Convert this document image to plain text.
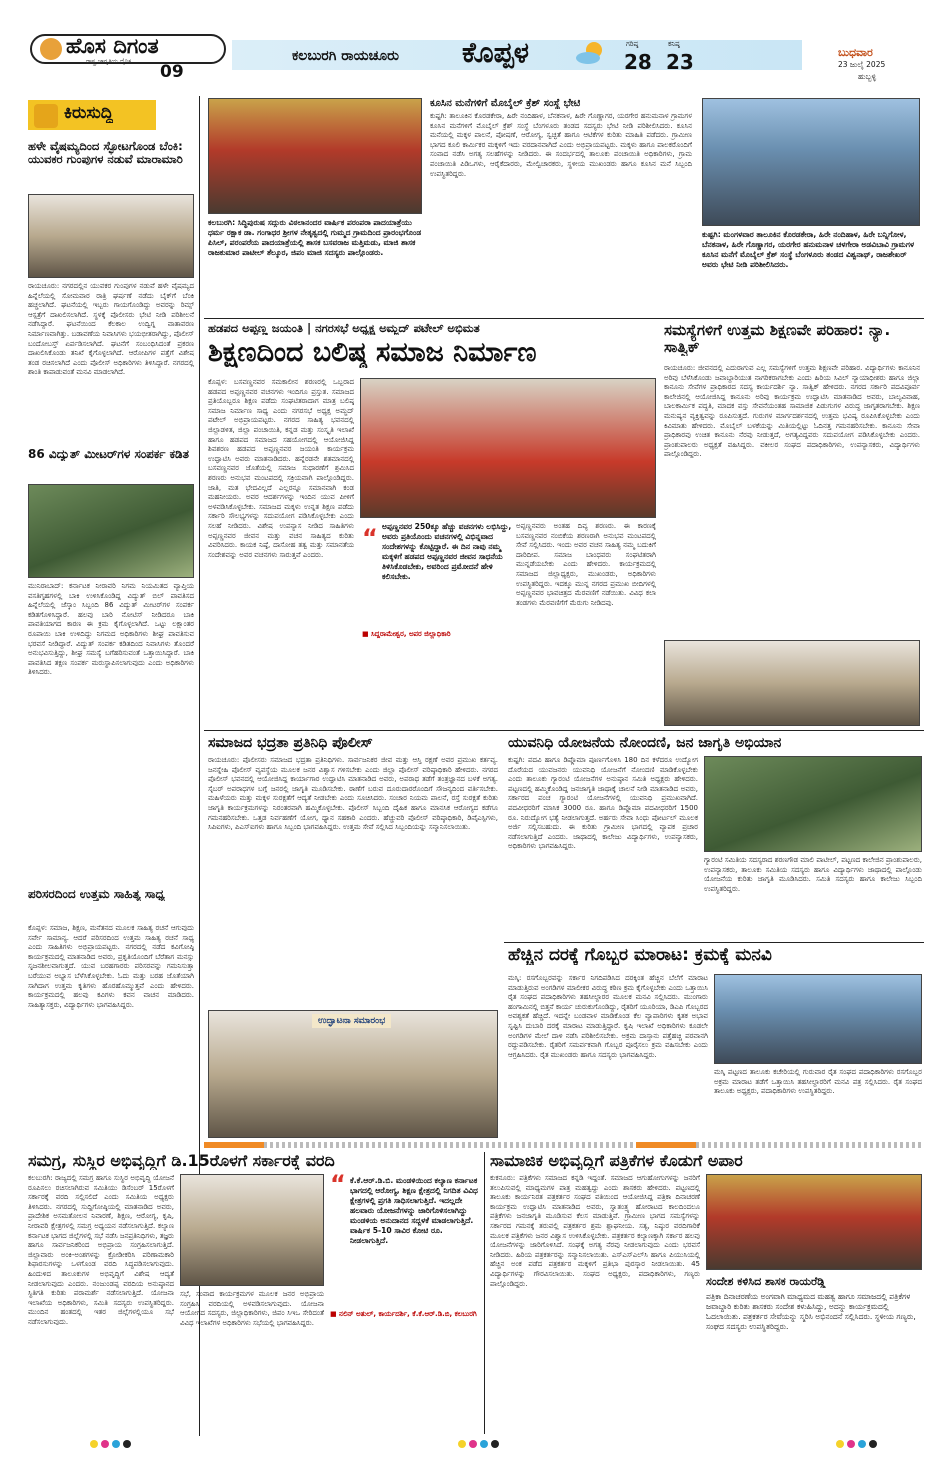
ಹೊಸ ದಿಗಂತ
ರಾಷ್ಟ್ರ ಜಾಗೃತಿಯ ದೈನಿಕ
09
ಕಲಬುರಗಿ ರಾಯಚೂರು ಕೊಪ್ಪಳ	ಗರಿಷ್ಠ
28
ಕನಿಷ್ಠ
23	ಬುಧವಾರ
23 ಜುಲೈ 2025
ಹುಬ್ಬಳ್ಳಿ
ಕಿರುಸುದ್ದಿ
ಹಳೇ ವೈಷಮ್ಯದಿಂದ ಸ್ಫೋಟಗೊಂಡ ಬೆಂಕಿ: ಯುವಕರ ಗುಂಪುಗಳ ನಡುವೆ ಮಾರಾಮಾರಿ
ರಾಯಚೂರು: ನಗರದಲ್ಲಿನ ಯುವಕರ ಗುಂಪುಗಳ ನಡುವೆ ಹಳೇ ವೈಷಮ್ಯದ ಹಿನ್ನೆಲೆಯಲ್ಲಿ ಸೋಮವಾರ ರಾತ್ರಿ ಘರ್ಷಣೆ ನಡೆದು ಬೈಕ್‌ಗೆ ಬೆಂಕಿ ಹಚ್ಚಲಾಗಿದೆ. ಘಟನೆಯಲ್ಲಿ ಇಬ್ಬರು ಗಾಯಗೊಂಡಿದ್ದು ಅವರನ್ನು ರಿಮ್ಸ್ ಆಸ್ಪತ್ರೆಗೆ ದಾಖಲಿಸಲಾಗಿದೆ. ಸ್ಥಳಕ್ಕೆ ಪೊಲೀಸರು ಭೇಟಿ ನೀಡಿ ಪರಿಶೀಲನೆ ನಡೆಸಿದ್ದಾರೆ. ಘಟನೆಯಿಂದ ಕೆಲಕಾಲ ಉದ್ವಿಗ್ನ ವಾತಾವರಣ ನಿರ್ಮಾಣವಾಗಿತ್ತು. ಬಡಾವಣೆಯ ನಿವಾಸಿಗಳು ಭಯಭೀತರಾಗಿದ್ದು, ಪೊಲೀಸ್ ಬಂದೋಬಸ್ತ್ ಏರ್ಪಡಿಸಲಾಗಿದೆ. ಘಟನೆಗೆ ಸಂಬಂಧಿಸಿದಂತೆ ಪ್ರಕರಣ ದಾಖಲಿಸಿಕೊಂಡು ತನಿಖೆ ಕೈಗೊಳ್ಳಲಾಗಿದೆ. ಆರೋಪಿಗಳ ಪತ್ತೆಗೆ ವಿಶೇಷ ತಂಡ ರಚಿಸಲಾಗಿದೆ ಎಂದು ಪೊಲೀಸ್ ಅಧಿಕಾರಿಗಳು ತಿಳಿಸಿದ್ದಾರೆ. ನಗರದಲ್ಲಿ ಶಾಂತಿ ಕಾಪಾಡುವಂತೆ ಮನವಿ ಮಾಡಲಾಗಿದೆ.
86 ವಿದ್ಯುತ್ ಮೀಟರ್‌ಗಳ ಸಂಪರ್ಕ ಕಡಿತ
ಮುನಿರಾಬಾದ್: ಕರ್ನಾಟಕ ನೀರಾವರಿ ನಿಗಮ ನಿಯಮಿತದ ವ್ಯಾಪ್ತಿಯ ವಸತಿಗೃಹಗಳಲ್ಲಿ ಬಾಕಿ ಉಳಿಸಿಕೊಂಡಿದ್ದ ವಿದ್ಯುತ್ ಬಿಲ್ ಪಾವತಿಸದ ಹಿನ್ನೆಲೆಯಲ್ಲಿ ಜೆಸ್ಕಾಂ ಸಿಬ್ಬಂದಿ 86 ವಿದ್ಯುತ್ ಮೀಟರ್‌ಗಳ ಸಂಪರ್ಕ ಕಡಿತಗೊಳಿಸಿದ್ದಾರೆ. ಹಲವು ಬಾರಿ ನೋಟಿಸ್ ನೀಡಿದರೂ ಬಾಕಿ ಪಾವತಿಯಾಗದ ಕಾರಣ ಈ ಕ್ರಮ ಕೈಗೊಳ್ಳಲಾಗಿದೆ. ಒಟ್ಟು ಲಕ್ಷಾಂತರ ರೂಪಾಯಿ ಬಾಕಿ ಉಳಿದಿದ್ದು ನಿಗಮದ ಅಧಿಕಾರಿಗಳು ಶೀಘ್ರ ಪಾವತಿಸುವ ಭರವಸೆ ನೀಡಿದ್ದಾರೆ. ವಿದ್ಯುತ್ ಸಂಪರ್ಕ ಕಡಿತದಿಂದ ನಿವಾಸಿಗಳು ತೊಂದರೆ ಅನುಭವಿಸುತ್ತಿದ್ದು, ಶೀಘ್ರ ಸಮಸ್ಯೆ ಬಗೆಹರಿಸುವಂತೆ ಒತ್ತಾಯಿಸಿದ್ದಾರೆ. ಬಾಕಿ ಪಾವತಿಸಿದ ತಕ್ಷಣ ಸಂಪರ್ಕ ಮರುಸ್ಥಾಪಿಸಲಾಗುವುದು ಎಂದು ಅಧಿಕಾರಿಗಳು ತಿಳಿಸಿದರು.
ಪರಿಸರದಿಂದ ಉತ್ತಮ ಸಾಹಿತ್ಯ ಸಾಧ್ಯ
ಕೊಪ್ಪಳ: ಸಮಾಜ, ಶಿಕ್ಷಣ, ಮನೆತನದ ಮೂಲಕ ಸಾಹಿತ್ಯ ರಚನೆ ಆಗುವುದು ಸರ್ವೇ ಸಾಮಾನ್ಯ. ಆದರೆ ಪರಿಸರದಿಂದ ಉತ್ತಮ ಸಾಹಿತ್ಯ ರಚನೆ ಸಾಧ್ಯ ಎಂದು ಸಾಹಿತಿಗಳು ಅಭಿಪ್ರಾಯಪಟ್ಟರು. ನಗರದಲ್ಲಿ ನಡೆದ ಕವಿಗೋಷ್ಠಿ ಕಾರ್ಯಕ್ರಮದಲ್ಲಿ ಮಾತನಾಡಿದ ಅವರು, ಪ್ರಕೃತಿಯೊಂದಿಗೆ ಬೆರೆತಾಗ ಮನಸ್ಸು ಸೃಜನಶೀಲವಾಗುತ್ತದೆ. ಯುವ ಬರಹಗಾರರು ಪರಿಸರವನ್ನು ಗಮನಿಸುತ್ತಾ ಬರೆಯುವ ಅಭ್ಯಾಸ ಬೆಳೆಸಿಕೊಳ್ಳಬೇಕು. ಓದು ಮತ್ತು ಬರಹ ಜೊತೆಯಾಗಿ ಸಾಗಿದಾಗ ಉತ್ತಮ ಕೃತಿಗಳು ಹೊರಹೊಮ್ಮುತ್ತವೆ ಎಂದು ಹೇಳಿದರು. ಕಾರ್ಯಕ್ರಮದಲ್ಲಿ ಹಲವು ಕವಿಗಳು ಕವನ ವಾಚನ ಮಾಡಿದರು. ಸಾಹಿತ್ಯಾಸಕ್ತರು, ವಿದ್ಯಾರ್ಥಿಗಳು ಭಾಗವಹಿಸಿದ್ದರು.
ಕಲಬುರಗಿ: ಸಿದ್ಧಿಪುರುಷ ಸದ್ಗುರು ವಿಠಲಾನಂದರ ವಾರ್ಷಿಕ ಪರಂಪರಾ ಪಾದಯಾತ್ರೆಯು ಧರ್ಮ ರಕ್ಷಾಕ ಡಾ. ಗಂಗಾಧರ ಶ್ರೀಗಳ ನೇತೃತ್ವದಲ್ಲಿ ಗುಮ್ಮದ ಗ್ರಾಮದಿಂದ ಪ್ರಾರಂಭಗೊಂಡ ಪಿಸಿಲ್, ಪರಂಪರೆಯ ಪಾದಯಾತ್ರೆಯಲ್ಲಿ ಶಾಸಕ ಬಸವರಾಜ ಮತ್ತಿಮಡು, ಮಾಜಿ ಶಾಸಕ ರಾಜಕುಮಾರ ಪಾಟೀಲ್ ತೆಲ್ಕೂರ, ಜಿಪಂ ಮಾಜಿ ಸದಸ್ಯರು ಪಾಲ್ಗೊಂಡರು.
ಕೂಸಿನ ಮನೆಗಳಿಗೆ ಮೊಬೈಲ್ ಕ್ರೆಶ್ ಸಂಸ್ಥೆ ಭೇಟಿ
ಕುಷ್ಟಗಿ: ತಾಲೂಕಿನ ಕೊರಡಕೇರಾ, ಹಿರೇ ನಂದಿಹಾಳ, ಬೆನಕನಾಳ, ಹಿರೇ ಗೊಣ್ಣಾಗರ, ಯರಗೇರ ಹನುಮನಾಳ ಗ್ರಾಮಗಳ ಕೂಸಿನ ಮನೆಗಳಿಗೆ ಮೊಬೈಲ್ ಕ್ರೆಶ್ ಸಂಸ್ಥೆ ಬೆಂಗಳೂರು ತಂಡದ ಸದಸ್ಯರು ಭೇಟಿ ನೀಡಿ ಪರಿಶೀಲಿಸಿದರು. ಕೂಸಿನ ಮನೆಯಲ್ಲಿ ಮಕ್ಕಳ ಪಾಲನೆ, ಪೋಷಣೆ, ಆರೋಗ್ಯ, ಸ್ವಚ್ಛತೆ ಹಾಗೂ ಆಟಿಕೆಗಳ ಕುರಿತು ಮಾಹಿತಿ ಪಡೆದರು. ಗ್ರಾಮೀಣ ಭಾಗದ ಕೂಲಿ ಕಾರ್ಮಿಕರ ಮಕ್ಕಳಿಗೆ ಇದು ವರದಾನವಾಗಿದೆ ಎಂದು ಅಭಿಪ್ರಾಯಪಟ್ಟರು. ಮಕ್ಕಳು ಹಾಗೂ ಪಾಲಕರೊಂದಿಗೆ ಸಂವಾದ ನಡೆಸಿ ಅಗತ್ಯ ಸಲಹೆಗಳನ್ನು ನೀಡಿದರು. ಈ ಸಂದರ್ಭದಲ್ಲಿ ತಾಲೂಕು ಪಂಚಾಯಿತಿ ಅಧಿಕಾರಿಗಳು, ಗ್ರಾಮ ಪಂಚಾಯಿತಿ ಪಿಡಿಒಗಳು, ಆರೈಕೆದಾರರು, ಮೇಲ್ವಿಚಾರಕರು, ಸ್ಥಳೀಯ ಮುಖಂಡರು ಹಾಗೂ ಕೂಸಿನ ಮನೆ ಸಿಬ್ಬಂದಿ ಉಪಸ್ಥಿತರಿದ್ದರು.
ಕುಷ್ಟಗಿ: ಮಂಗಳವಾರ ತಾಲೂಕಿನ ಕೊರಡಕೇರಾ, ಹಿರೇ ನಂದಿಹಾಳ, ಹಿರೇ ಬನ್ನಿಗೋಳ, ಬೆನಕನಾಳ, ಹಿರೇ ಗೊಣ್ಣಾಗರ, ಯರಗೇರ ಹನುಮನಾಳ ಚಳಗೇರಾ ಅಡವಿಬಾವಿ ಗ್ರಾಮಗಳ ಕೂಸಿನ ಮನೆಗೆ ಮೊಬೈಲ್ ಕ್ರೆಶ್ ಸಂಸ್ಥೆ ಬೆಂಗಳೂರು ತಂಡದ ವಿಶ್ವನಾಥ್, ರಾಜಶೇಖರ್ ಅವರು ಭೇಟಿ ನೀಡಿ ಪರಿಶೀಲಿಸಿದರು.
ಹಡಪದ ಅಪ್ಪಣ್ಣ ಜಯಂತಿ | ನಗರಸಭೆ ಅಧ್ಯಕ್ಷ ಅಮ್ಜದ್ ಪಟೇಲ್ ಅಭಿಮತ
ಶಿಕ್ಷಣದಿಂದ ಬಲಿಷ್ಠ ಸಮಾಜ ನಿರ್ಮಾಣ
ಕೊಪ್ಪಳ: ಬಸವಣ್ಣನವರ ಸಮಕಾಲೀನ ಶರಣರಲ್ಲಿ ಒಬ್ಬರಾದ ಹಡಪದ ಅಪ್ಪಣ್ಣನವರ ವಚನಗಳು ಇಂದಿಗೂ ಪ್ರಸ್ತುತ. ಸಮಾಜದ ಪ್ರತಿಯೊಬ್ಬರೂ ಶಿಕ್ಷಣ ಪಡೆದು ಸಂಘಟಿತರಾದಾಗ ಮಾತ್ರ ಬಲಿಷ್ಠ ಸಮಾಜ ನಿರ್ಮಾಣ ಸಾಧ್ಯ ಎಂದು ನಗರಸಭೆ ಅಧ್ಯಕ್ಷ ಅಮ್ಜದ್ ಪಟೇಲ್ ಅಭಿಪ್ರಾಯಪಟ್ಟರು. ನಗರದ ಸಾಹಿತ್ಯ ಭವನದಲ್ಲಿ ಜಿಲ್ಲಾಡಳಿತ, ಜಿಲ್ಲಾ ಪಂಚಾಯಿತಿ, ಕನ್ನಡ ಮತ್ತು ಸಂಸ್ಕೃತಿ ಇಲಾಖೆ ಹಾಗೂ ಹಡಪದ ಸಮಾಜದ ಸಹಯೋಗದಲ್ಲಿ ಆಯೋಜಿಸಿದ್ದ ಶಿವಶರಣ ಹಡಪದ ಅಪ್ಪಣ್ಣನವರ ಜಯಂತಿ ಕಾರ್ಯಕ್ರಮ ಉದ್ಘಾಟಿಸಿ ಅವರು ಮಾತನಾಡಿದರು. ಹನ್ನೆರಡನೇ ಶತಮಾನದಲ್ಲಿ ಬಸವಣ್ಣನವರ ಜೊತೆಯಲ್ಲಿ ಸಮಾಜ ಸುಧಾರಣೆಗೆ ಶ್ರಮಿಸಿದ ಶರಣರು ಅನುಭವ ಮಂಟಪದಲ್ಲಿ ಸಕ್ರಿಯವಾಗಿ ಪಾಲ್ಗೊಂಡಿದ್ದರು. ಜಾತಿ, ಮತ ಭೇದವಿಲ್ಲದೆ ಎಲ್ಲರನ್ನೂ ಸಮಾನವಾಗಿ ಕಂಡ ಮಹನೀಯರು. ಅವರ ಆದರ್ಶಗಳನ್ನು ಇಂದಿನ ಯುವ ಪೀಳಿಗೆ ಅಳವಡಿಸಿಕೊಳ್ಳಬೇಕು. ಸಮಾಜದ ಮಕ್ಕಳು ಉನ್ನತ ಶಿಕ್ಷಣ ಪಡೆದು ಸರ್ಕಾರಿ ಸೌಲಭ್ಯಗಳನ್ನು ಸದುಪಯೋಗ ಪಡಿಸಿಕೊಳ್ಳಬೇಕು ಎಂದು ಸಲಹೆ ನೀಡಿದರು. ವಿಶೇಷ ಉಪನ್ಯಾಸ ನೀಡಿದ ಸಾಹಿತಿಗಳು ಅಪ್ಪಣ್ಣನವರ ಜೀವನ ಮತ್ತು ವಚನ ಸಾಹಿತ್ಯದ ಕುರಿತು ವಿವರಿಸಿದರು. ಕಾಯಕ ನಿಷ್ಠೆ, ದಾಸೋಹ ತತ್ವ ಮತ್ತು ಸಮಾನತೆಯ ಸಂದೇಶವನ್ನು ಅವರ ವಚನಗಳು ಸಾರುತ್ತವೆ ಎಂದರು.
“ ಅಪ್ಪಣ್ಣನವರ 250ಕ್ಕೂ ಹೆಚ್ಚು ವಚನಗಳು ಲಭಿಸಿದ್ದು, ಅವರು ಪ್ರತಿಯೊಂದು ವಚನಗಳಲ್ಲಿ ವಿಭಿನ್ನವಾದ ಸಂದೇಶಗಳನ್ನು ಕೊಟ್ಟಿದ್ದಾರೆ. ಈ ದಿನ ನಾವು ನಮ್ಮ ಮಕ್ಕಳಿಗೆ ಹಡಪದ ಅಪ್ಪಣ್ಣನವರ ಜೀವನ ಸಾಧನೆಯ ತಿಳಿಸಿಕೊಡಬೇಕು, ಅವರಿಂದ ಪ್ರಮೋದನೆ ಹೇಳಿ ಕಲಿಸಬೇಕು.
■ ಸಿದ್ದರಾಮೇಶ್ವರ, ಅಪರ ಜಿಲ್ಲಾಧಿಕಾರಿ
ಅಪ್ಪಣ್ಣನವರು ಅಂತಹ ದಿವ್ಯ ಶರಣರು. ಈ ಕಾರಣಕ್ಕೆ ಬಸವಣ್ಣನವರ ನಂಬಿಕೆಯ ಶರಣರಾಗಿ ಅನುಭವ ಮಂಟಪದಲ್ಲಿ ಸೇವೆ ಸಲ್ಲಿಸಿದರು. ಇಂದು ಅವರ ವಚನ ಸಾಹಿತ್ಯ ನಮ್ಮ ಬದುಕಿಗೆ ದಾರಿದೀಪ. ಸಮಾಜ ಬಾಂಧವರು ಸಂಘಟಿತರಾಗಿ ಮುನ್ನಡೆಯಬೇಕು ಎಂದು ಹೇಳಿದರು. ಕಾರ್ಯಕ್ರಮದಲ್ಲಿ ಸಮಾಜದ ಜಿಲ್ಲಾಧ್ಯಕ್ಷರು, ಮುಖಂಡರು, ಅಧಿಕಾರಿಗಳು ಉಪಸ್ಥಿತರಿದ್ದರು. ಇದಕ್ಕೂ ಮುನ್ನ ನಗರದ ಪ್ರಮುಖ ಬೀದಿಗಳಲ್ಲಿ ಅಪ್ಪಣ್ಣನವರ ಭಾವಚಿತ್ರದ ಮೆರವಣಿಗೆ ನಡೆಯಿತು. ವಿವಿಧ ಕಲಾ ತಂಡಗಳು ಮೆರವಣಿಗೆಗೆ ಮೆರುಗು ನೀಡಿದವು.
ಸಮಸ್ಯೆಗಳಿಗೆ ಉತ್ತಮ ಶಿಕ್ಷಣವೇ ಪರಿಹಾರ: ನ್ಯಾ. ಸಾತ್ವಿಕ್
ರಾಯಚೂರು: ಜೀವನದಲ್ಲಿ ಎದುರಾಗುವ ಎಲ್ಲ ಸಮಸ್ಯೆಗಳಿಗೆ ಉತ್ತಮ ಶಿಕ್ಷಣವೇ ಪರಿಹಾರ. ವಿದ್ಯಾರ್ಥಿಗಳು ಕಾನೂನಿನ ಅರಿವು ಬೆಳೆಸಿಕೊಂಡು ಜವಾಬ್ದಾರಿಯುತ ನಾಗರಿಕರಾಗಬೇಕು ಎಂದು ಹಿರಿಯ ಸಿವಿಲ್ ನ್ಯಾಯಾಧೀಶರು ಹಾಗೂ ಜಿಲ್ಲಾ ಕಾನೂನು ಸೇವೆಗಳ ಪ್ರಾಧಿಕಾರದ ಸದಸ್ಯ ಕಾರ್ಯದರ್ಶಿ ನ್ಯಾ. ಸಾತ್ವಿಕ್ ಹೇಳಿದರು. ನಗರದ ಸರ್ಕಾರಿ ಪದವಿಪೂರ್ವ ಕಾಲೇಜಿನಲ್ಲಿ ಆಯೋಜಿಸಿದ್ದ ಕಾನೂನು ಅರಿವು ಕಾರ್ಯಕ್ರಮ ಉದ್ಘಾಟಿಸಿ ಮಾತನಾಡಿದ ಅವರು, ಬಾಲ್ಯವಿವಾಹ, ಬಾಲಕಾರ್ಮಿಕ ಪದ್ಧತಿ, ಮಾದಕ ವಸ್ತು ಸೇವನೆಯಂತಹ ಸಾಮಾಜಿಕ ಪಿಡುಗುಗಳ ವಿರುದ್ಧ ಜಾಗೃತರಾಗಬೇಕು. ಶಿಕ್ಷಣ ಮನುಷ್ಯನ ವ್ಯಕ್ತಿತ್ವವನ್ನು ರೂಪಿಸುತ್ತದೆ. ಗುರುಗಳ ಮಾರ್ಗದರ್ಶನದಲ್ಲಿ ಉತ್ತಮ ಭವಿಷ್ಯ ರೂಪಿಸಿಕೊಳ್ಳಬೇಕು ಎಂದು ಕಿವಿಮಾತು ಹೇಳಿದರು. ಮೊಬೈಲ್ ಬಳಕೆಯನ್ನು ಮಿತಿಯಲ್ಲಿಟ್ಟು ಓದಿನತ್ತ ಗಮನಹರಿಸಬೇಕು. ಕಾನೂನು ಸೇವಾ ಪ್ರಾಧಿಕಾರವು ಉಚಿತ ಕಾನೂನು ನೆರವು ನೀಡುತ್ತದೆ, ಅಗತ್ಯವಿದ್ದವರು ಸದುಪಯೋಗ ಪಡಿಸಿಕೊಳ್ಳಬೇಕು ಎಂದರು. ಪ್ರಾಂಶುಪಾಲರು ಅಧ್ಯಕ್ಷತೆ ವಹಿಸಿದ್ದರು. ವಕೀಲರ ಸಂಘದ ಪದಾಧಿಕಾರಿಗಳು, ಉಪನ್ಯಾಸಕರು, ವಿದ್ಯಾರ್ಥಿಗಳು ಪಾಲ್ಗೊಂಡಿದ್ದರು.
ಸಮಾಜದ ಭದ್ರತಾ ಪ್ರತಿನಿಧಿ ಪೊಲೀಸ್
ರಾಯಚೂರು: ಪೊಲೀಸರು ಸಮಾಜದ ಭದ್ರತಾ ಪ್ರತಿನಿಧಿಗಳು. ಸಾರ್ವಜನಿಕರ ಜೀವ ಮತ್ತು ಆಸ್ತಿ ರಕ್ಷಣೆ ಅವರ ಪ್ರಮುಖ ಕರ್ತವ್ಯ. ಜನಸ್ನೇಹಿ ಪೊಲೀಸ್ ವ್ಯವಸ್ಥೆಯ ಮೂಲಕ ಜನರ ವಿಶ್ವಾಸ ಗಳಿಸಬೇಕು ಎಂದು ಜಿಲ್ಲಾ ಪೊಲೀಸ್ ವರಿಷ್ಠಾಧಿಕಾರಿ ಹೇಳಿದರು. ನಗರದ ಪೊಲೀಸ್ ಭವನದಲ್ಲಿ ಆಯೋಜಿಸಿದ್ದ ಕಾರ್ಯಾಗಾರ ಉದ್ಘಾಟಿಸಿ ಮಾತನಾಡಿದ ಅವರು, ಅಪರಾಧ ತಡೆಗೆ ತಂತ್ರಜ್ಞಾನದ ಬಳಕೆ ಅಗತ್ಯ. ಸೈಬರ್ ಅಪರಾಧಗಳ ಬಗ್ಗೆ ಜನರಲ್ಲಿ ಜಾಗೃತಿ ಮೂಡಿಸಬೇಕು. ಠಾಣೆಗೆ ಬರುವ ದೂರುದಾರರೊಂದಿಗೆ ಸೌಜನ್ಯದಿಂದ ವರ್ತಿಸಬೇಕು. ಮಹಿಳೆಯರು ಮತ್ತು ಮಕ್ಕಳ ಸುರಕ್ಷತೆಗೆ ಆದ್ಯತೆ ನೀಡಬೇಕು ಎಂದು ಸೂಚಿಸಿದರು. ಸಂಚಾರ ನಿಯಮ ಪಾಲನೆ, ರಸ್ತೆ ಸುರಕ್ಷತೆ ಕುರಿತು ಜಾಗೃತಿ ಕಾರ್ಯಕ್ರಮಗಳನ್ನು ನಿರಂತರವಾಗಿ ಹಮ್ಮಿಕೊಳ್ಳಬೇಕು. ಪೊಲೀಸ್ ಸಿಬ್ಬಂದಿ ದೈಹಿಕ ಹಾಗೂ ಮಾನಸಿಕ ಆರೋಗ್ಯದ ಕಡೆಗೂ ಗಮನಹರಿಸಬೇಕು. ಒತ್ತಡ ನಿರ್ವಹಣೆಗೆ ಯೋಗ, ಧ್ಯಾನ ಸಹಕಾರಿ ಎಂದರು. ಹೆಚ್ಚುವರಿ ಪೊಲೀಸ್ ವರಿಷ್ಠಾಧಿಕಾರಿ, ಡಿವೈಎಸ್ಪಿಗಳು, ಸಿಪಿಐಗಳು, ಪಿಎಸ್ಐಗಳು ಹಾಗೂ ಸಿಬ್ಬಂದಿ ಭಾಗವಹಿಸಿದ್ದರು. ಉತ್ತಮ ಸೇವೆ ಸಲ್ಲಿಸಿದ ಸಿಬ್ಬಂದಿಯನ್ನು ಸನ್ಮಾನಿಸಲಾಯಿತು.
ಉದ್ಘಾಟನಾ ಸಮಾರಂಭ
ಯುವನಿಧಿ ಯೋಜನೆಯ ನೋಂದಣಿ, ಜನ ಜಾಗೃತಿ ಅಭಿಯಾನ
ಕುಷ್ಟಗಿ: ಪದವಿ ಹಾಗೂ ಡಿಪ್ಲೊಮಾ ಪೂರ್ಣಗೊಳಿಸಿ 180 ದಿನ ಕಳೆದರೂ ಉದ್ಯೋಗ ದೊರೆಯದ ಯುವಜನರು ಯುವನಿಧಿ ಯೋಜನೆಗೆ ನೋಂದಣಿ ಮಾಡಿಕೊಳ್ಳಬೇಕು ಎಂದು ತಾಲೂಕು ಗ್ಯಾರಂಟಿ ಯೋಜನೆಗಳ ಅನುಷ್ಠಾನ ಸಮಿತಿ ಅಧ್ಯಕ್ಷರು ಹೇಳಿದರು. ಪಟ್ಟಣದಲ್ಲಿ ಹಮ್ಮಿಕೊಂಡಿದ್ದ ಜನಜಾಗೃತಿ ಜಾಥಾಕ್ಕೆ ಚಾಲನೆ ನೀಡಿ ಮಾತನಾಡಿದ ಅವರು, ಸರ್ಕಾರದ ಪಂಚ ಗ್ಯಾರಂಟಿ ಯೋಜನೆಗಳಲ್ಲಿ ಯುವನಿಧಿ ಪ್ರಮುಖವಾಗಿದೆ. ಪದವೀಧರರಿಗೆ ಮಾಸಿಕ 3000 ರೂ. ಹಾಗೂ ಡಿಪ್ಲೊಮಾ ಪದವೀಧರರಿಗೆ 1500 ರೂ. ನಿರುದ್ಯೋಗ ಭತ್ಯೆ ನೀಡಲಾಗುತ್ತದೆ. ಅರ್ಹರು ಸೇವಾ ಸಿಂಧು ಪೋರ್ಟಲ್ ಮೂಲಕ ಅರ್ಜಿ ಸಲ್ಲಿಸಬಹುದು. ಈ ಕುರಿತು ಗ್ರಾಮೀಣ ಭಾಗದಲ್ಲಿ ವ್ಯಾಪಕ ಪ್ರಚಾರ ನಡೆಸಲಾಗುತ್ತಿದೆ ಎಂದರು. ಜಾಥಾದಲ್ಲಿ ಕಾಲೇಜು ವಿದ್ಯಾರ್ಥಿಗಳು, ಉಪನ್ಯಾಸಕರು, ಅಧಿಕಾರಿಗಳು ಭಾಗವಹಿಸಿದ್ದರು.
ಗ್ಯಾರಂಟಿ ಸಮಿತಿಯ ಸದಸ್ಯರಾದ ಶರಣಗೌಡ ಮಾಲಿ ಪಾಟೀಲ್, ಪಟ್ಟಣದ ಕಾಲೇಜಿನ ಪ್ರಾಂಶುಪಾಲರು, ಉಪನ್ಯಾಸಕರು, ತಾಲೂಕು ಸಮಿತಿಯ ಸದಸ್ಯರು ಹಾಗೂ ವಿದ್ಯಾರ್ಥಿಗಳು ಜಾಥಾದಲ್ಲಿ ಪಾಲ್ಗೊಂಡು ಯೋಜನೆಯ ಕುರಿತು ಜಾಗೃತಿ ಮೂಡಿಸಿದರು. ಸಮಿತಿ ಸದಸ್ಯರು ಹಾಗೂ ಕಾಲೇಜು ಸಿಬ್ಬಂದಿ ಉಪಸ್ಥಿತರಿದ್ದರು.
ಹೆಚ್ಚಿನ ದರಕ್ಕೆ ಗೊಬ್ಬರ ಮಾರಾಟ: ಕ್ರಮಕ್ಕೆ ಮನವಿ
ಮಸ್ಕಿ: ರಸಗೊಬ್ಬರವನ್ನು ಸರ್ಕಾರ ನಿಗದಿಪಡಿಸಿದ ದರಕ್ಕಿಂತ ಹೆಚ್ಚಿನ ಬೆಲೆಗೆ ಮಾರಾಟ ಮಾಡುತ್ತಿರುವ ಅಂಗಡಿಗಳ ಮಾಲೀಕರ ವಿರುದ್ಧ ಕಠಿಣ ಕ್ರಮ ಕೈಗೊಳ್ಳಬೇಕು ಎಂದು ಒತ್ತಾಯಿಸಿ ರೈತ ಸಂಘದ ಪದಾಧಿಕಾರಿಗಳು ತಹಸೀಲ್ದಾರರ ಮೂಲಕ ಮನವಿ ಸಲ್ಲಿಸಿದರು. ಮುಂಗಾರು ಹಂಗಾಮಿನಲ್ಲಿ ಬಿತ್ತನೆ ಕಾರ್ಯ ಚುರುಕುಗೊಂಡಿದ್ದು, ರೈತರಿಗೆ ಯೂರಿಯಾ, ಡಿಎಪಿ ಗೊಬ್ಬರದ ಅವಶ್ಯಕತೆ ಹೆಚ್ಚಿದೆ. ಇದನ್ನೇ ಬಂಡವಾಳ ಮಾಡಿಕೊಂಡ ಕೆಲ ವ್ಯಾಪಾರಿಗಳು ಕೃತಕ ಅಭಾವ ಸೃಷ್ಟಿಸಿ ದುಬಾರಿ ದರಕ್ಕೆ ಮಾರಾಟ ಮಾಡುತ್ತಿದ್ದಾರೆ. ಕೃಷಿ ಇಲಾಖೆ ಅಧಿಕಾರಿಗಳು ಕೂಡಲೇ ಅಂಗಡಿಗಳ ಮೇಲೆ ದಾಳಿ ನಡೆಸಿ ಪರಿಶೀಲಿಸಬೇಕು. ಅಕ್ರಮ ದಾಸ್ತಾನು ಪತ್ತೆಹಚ್ಚಿ ಪರವಾನಗಿ ರದ್ದುಪಡಿಸಬೇಕು. ರೈತರಿಗೆ ಸಮರ್ಪಕವಾಗಿ ಗೊಬ್ಬರ ಪೂರೈಸಲು ಕ್ರಮ ವಹಿಸಬೇಕು ಎಂದು ಆಗ್ರಹಿಸಿದರು. ರೈತ ಮುಖಂಡರು ಹಾಗೂ ಸದಸ್ಯರು ಭಾಗವಹಿಸಿದ್ದರು.
ಮಸ್ಕಿ ಪಟ್ಟಣದ ತಾಲೂಕು ಕಚೇರಿಯಲ್ಲಿ ಗುರುವಾರ ರೈತ ಸಂಘದ ಪದಾಧಿಕಾರಿಗಳು ರಸಗೊಬ್ಬರ ಅಕ್ರಮ ಮಾರಾಟ ತಡೆಗೆ ಒತ್ತಾಯಿಸಿ ತಹಸೀಲ್ದಾರರಿಗೆ ಮನವಿ ಪತ್ರ ಸಲ್ಲಿಸಿದರು. ರೈತ ಸಂಘದ ತಾಲೂಕು ಅಧ್ಯಕ್ಷರು, ಪದಾಧಿಕಾರಿಗಳು ಉಪಸ್ಥಿತರಿದ್ದರು.
ಸಮಗ್ರ, ಸುಸ್ಥಿರ ಅಭಿವೃದ್ಧಿಗೆ ಡಿ.15ರೊಳಗೆ ಸರ್ಕಾರಕ್ಕೆ ವರದಿ
ಕಲಬುರಗಿ: ರಾಜ್ಯದಲ್ಲಿ ಸಮಗ್ರ ಹಾಗೂ ಸುಸ್ಥಿರ ಅಭಿವೃದ್ಧಿ ಯೋಜನೆ ರೂಪಿಸಲು ರಚಿಸಲಾಗಿರುವ ಸಮಿತಿಯು ಡಿಸೆಂಬರ್ 15ರೊಳಗೆ ಸರ್ಕಾರಕ್ಕೆ ವರದಿ ಸಲ್ಲಿಸಲಿದೆ ಎಂದು ಸಮಿತಿಯ ಅಧ್ಯಕ್ಷರು ತಿಳಿಸಿದರು. ನಗರದಲ್ಲಿ ಸುದ್ದಿಗೋಷ್ಠಿಯಲ್ಲಿ ಮಾತನಾಡಿದ ಅವರು, ಪ್ರಾದೇಶಿಕ ಅಸಮತೋಲನ ನಿವಾರಣೆ, ಶಿಕ್ಷಣ, ಆರೋಗ್ಯ, ಕೃಷಿ, ನೀರಾವರಿ ಕ್ಷೇತ್ರಗಳಲ್ಲಿ ಸಮಗ್ರ ಅಧ್ಯಯನ ನಡೆಸಲಾಗುತ್ತಿದೆ. ಕಲ್ಯಾಣ ಕರ್ನಾಟಕ ಭಾಗದ ಜಿಲ್ಲೆಗಳಲ್ಲಿ ಸಭೆ ನಡೆಸಿ ಜನಪ್ರತಿನಿಧಿಗಳು, ತಜ್ಞರು ಹಾಗೂ ಸಾರ್ವಜನಿಕರಿಂದ ಅಭಿಪ್ರಾಯ ಸಂಗ್ರಹಿಸಲಾಗುತ್ತಿದೆ. ಜಿಲ್ಲಾವಾರು ಅಂಕಿ-ಅಂಶಗಳನ್ನು ಕ್ರೋಡೀಕರಿಸಿ ಪರಿಣಾಮಕಾರಿ ಶಿಫಾರಸುಗಳನ್ನು ಒಳಗೊಂಡ ವರದಿ ಸಿದ್ಧಪಡಿಸಲಾಗುವುದು. ಹಿಂದುಳಿದ ತಾಲೂಕುಗಳ ಅಭಿವೃದ್ಧಿಗೆ ವಿಶೇಷ ಆದ್ಯತೆ ನೀಡಲಾಗುವುದು ಎಂದರು. ನಂಜುಂಡಪ್ಪ ವರದಿಯ ಅನುಷ್ಠಾನದ ಸ್ಥಿತಿಗತಿ ಕುರಿತು ಪರಾಮರ್ಶೆ ನಡೆಸಲಾಗುತ್ತಿದೆ. ಯೋಜನಾ ಇಲಾಖೆಯ ಅಧಿಕಾರಿಗಳು, ಸಮಿತಿ ಸದಸ್ಯರು ಉಪಸ್ಥಿತರಿದ್ದರು. ಮುಂದಿನ ಹಂತದಲ್ಲಿ ಇತರ ಜಿಲ್ಲೆಗಳಲ್ಲಿಯೂ ಸಭೆ ನಡೆಸಲಾಗುವುದು.
ಸಭೆ, ಸಂವಾದ ಕಾರ್ಯಕ್ರಮಗಳ ಮೂಲಕ ಜನರ ಅಭಿಪ್ರಾಯ ಸಂಗ್ರಹಿಸಿ ವರದಿಯಲ್ಲಿ ಅಳವಡಿಸಲಾಗುವುದು. ಯೋಜನಾ ಆಯೋಗದ ಸದಸ್ಯರು, ಜಿಲ್ಲಾಧಿಕಾರಿಗಳು, ಜಿಪಂ ಸಿಇಒ ಸೇರಿದಂತೆ ವಿವಿಧ ಇಲಾಖೆಗಳ ಅಧಿಕಾರಿಗಳು ಸಭೆಯಲ್ಲಿ ಭಾಗವಹಿಸಿದ್ದರು.
“ ಕೆ.ಕೆ.ಆರ್.ಡಿ.ಬಿ. ಮಂಡಳಿಯಿಂದ ಕಲ್ಯಾಣ ಕರ್ನಾಟಕ ಭಾಗದಲ್ಲಿ ಆರೋಗ್ಯ, ಶಿಕ್ಷಣ ಕ್ಷೇತ್ರದಲ್ಲಿ ನಿಗದಿತ ವಿವಿಧ ಕ್ಷೇತ್ರಗಳಲ್ಲಿ ಪ್ರಗತಿ ಸಾಧಿಸಲಾಗುತ್ತಿದೆ. ಇದಲ್ಲದೇ ಹಲವಾರು ಯೋಜನೆಗಳನ್ನು ಜಾರಿಗೊಳಿಸಲಾಗಿದ್ದು ಮಂಡಳಿಯ ಅನುದಾನದ ಸದ್ಬಳಕೆ ಮಾಡಲಾಗುತ್ತಿದೆ. ವಾರ್ಷಿಕ 5-10 ಸಾವಿರ ಕೋಟಿ ರೂ. ನೀಡಲಾಗುತ್ತಿದೆ.
■ ನಲಿನ್ ಅತುಲ್, ಕಾರ್ಯದರ್ಶಿ, ಕೆ.ಕೆ.ಆರ್.ಡಿ.ಬಿ, ಕಲಬುರಗಿ
ಸಾಮಾಜಿಕ ಅಭಿವೃದ್ಧಿಗೆ ಪತ್ರಿಕೆಗಳ ಕೊಡುಗೆ ಅಪಾರ
ಕುಕನೂರು: ಪತ್ರಿಕೆಗಳು ಸಮಾಜದ ಕನ್ನಡಿ ಇದ್ದಂತೆ. ಸಮಾಜದ ಆಗುಹೋಗುಗಳನ್ನು ಜನರಿಗೆ ತಲುಪಿಸುವಲ್ಲಿ ಮಾಧ್ಯಮಗಳ ಪಾತ್ರ ಮಹತ್ವದ್ದು ಎಂದು ಶಾಸಕರು ಹೇಳಿದರು. ಪಟ್ಟಣದಲ್ಲಿ ತಾಲೂಕು ಕಾರ್ಯನಿರತ ಪತ್ರಕರ್ತರ ಸಂಘದ ವತಿಯಿಂದ ಆಯೋಜಿಸಿದ್ದ ಪತ್ರಿಕಾ ದಿನಾಚರಣೆ ಕಾರ್ಯಕ್ರಮ ಉದ್ಘಾಟಿಸಿ ಮಾತನಾಡಿದ ಅವರು, ಸ್ವಾತಂತ್ರ್ಯ ಹೋರಾಟದ ಕಾಲದಿಂದಲೂ ಪತ್ರಿಕೆಗಳು ಜನಜಾಗೃತಿ ಮೂಡಿಸುವ ಕೆಲಸ ಮಾಡುತ್ತಿವೆ. ಗ್ರಾಮೀಣ ಭಾಗದ ಸಮಸ್ಯೆಗಳನ್ನು ಸರ್ಕಾರದ ಗಮನಕ್ಕೆ ತರುವಲ್ಲಿ ಪತ್ರಕರ್ತರ ಶ್ರಮ ಶ್ಲಾಘನೀಯ. ಸತ್ಯ, ನಿಷ್ಠುರ ವರದಿಗಾರಿಕೆ ಮೂಲಕ ಪತ್ರಿಕೆಗಳು ಜನರ ವಿಶ್ವಾಸ ಉಳಿಸಿಕೊಳ್ಳಬೇಕು. ಪತ್ರಕರ್ತರ ಕಲ್ಯಾಣಕ್ಕಾಗಿ ಸರ್ಕಾರ ಹಲವು ಯೋಜನೆಗಳನ್ನು ಜಾರಿಗೊಳಿಸಿದೆ. ಸಂಘಕ್ಕೆ ಅಗತ್ಯ ನೆರವು ನೀಡಲಾಗುವುದು ಎಂದು ಭರವಸೆ ನೀಡಿದರು. ಹಿರಿಯ ಪತ್ರಕರ್ತರನ್ನು ಸನ್ಮಾನಿಸಲಾಯಿತು. ಎಸ್ಎಸ್ಎಲ್‌ಸಿ ಹಾಗೂ ಪಿಯುಸಿಯಲ್ಲಿ ಹೆಚ್ಚಿನ ಅಂಕ ಪಡೆದ ಪತ್ರಕರ್ತರ ಮಕ್ಕಳಿಗೆ ಪ್ರತಿಭಾ ಪುರಸ್ಕಾರ ನೀಡಲಾಯಿತು. 45 ವಿದ್ಯಾರ್ಥಿಗಳನ್ನು ಗೌರವಿಸಲಾಯಿತು. ಸಂಘದ ಅಧ್ಯಕ್ಷರು, ಪದಾಧಿಕಾರಿಗಳು, ಗಣ್ಯರು ಪಾಲ್ಗೊಂಡಿದ್ದರು.	ಸಂದೇಶ ಕಳಿಸಿದ ಶಾಸಕ ರಾಯರೆಡ್ಡಿ
ಪತ್ರಿಕಾ ದಿನಾಚರಣೆಯ ಅಂಗವಾಗಿ ಮಾಧ್ಯಮದ ಮಹತ್ವ ಹಾಗೂ ಸಮಾಜದಲ್ಲಿ ಪತ್ರಿಕೆಗಳ ಜವಾಬ್ದಾರಿ ಕುರಿತು ಶಾಸಕರು ಸಂದೇಶ ಕಳುಹಿಸಿದ್ದು, ಅದನ್ನು ಕಾರ್ಯಕ್ರಮದಲ್ಲಿ ಓದಲಾಯಿತು. ಪತ್ರಕರ್ತರ ಸೇವೆಯನ್ನು ಸ್ಮರಿಸಿ ಅಭಿನಂದನೆ ಸಲ್ಲಿಸಿದರು. ಸ್ಥಳೀಯ ಗಣ್ಯರು, ಸಂಘದ ಸದಸ್ಯರು ಉಪಸ್ಥಿತರಿದ್ದರು.
